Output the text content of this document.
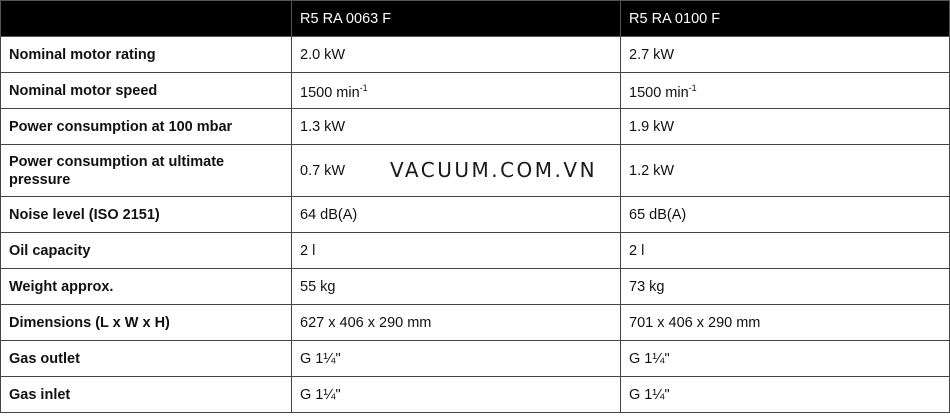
	R5 RA 0063 F	R5 RA 0100 F
Nominal motor rating	2.0 kW	2.7 kW
Nominal motor speed	1500 $\min^{-1}$	1500 $\min^{-1}$
Power consumption at 100 mbar	1.3 kW	1.9 kW
Power consumption at ultimate pressure	0.7 kW	1.2 kW
Noise level (ISO 2151)	64 dB(A)	65 dB(A)
Oil capacity	2 l	2 l
Weight approx.	55 kg	73 kg
Dimensions (L x W x H)	627 x 406 x 290 mm	701 x 406 x 290 mm
Gas outlet	G 1¼"	G 1¼"
Gas inlet	G 1¼"	G 1¼"
VACUUM.COM.VN
